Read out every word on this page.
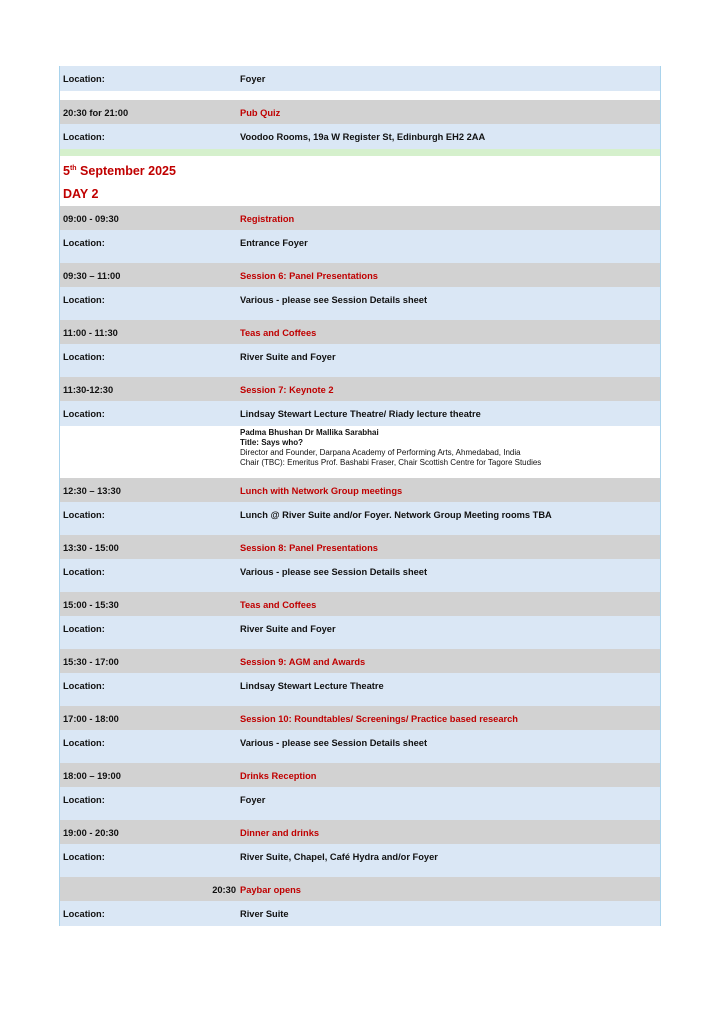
Location:	Foyer
20:30 for 21:00	Pub Quiz
Location:	Voodoo Rooms, 19a W Register St, Edinburgh EH2 2AA
5th September 2025
DAY 2
09:00 - 09:30	Registration
Location:	Entrance Foyer
09:30 – 11:00	Session 6: Panel Presentations
Location:	Various - please see Session Details sheet
11:00 - 11:30	Teas and Coffees
Location:	River Suite and Foyer
11:30-12:30	Session 7: Keynote 2
Location:	Lindsay Stewart Lecture Theatre/ Riady lecture theatre
Padma Bhushan Dr Mallika Sarabhai
Title: Says who?
Director and Founder, Darpana Academy of Performing Arts, Ahmedabad, India
Chair (TBC): Emeritus Prof. Bashabi Fraser, Chair Scottish Centre for Tagore Studies
12:30 – 13:30	Lunch with Network Group meetings
Location:	Lunch @ River Suite and/or Foyer. Network Group Meeting rooms TBA
13:30 - 15:00	Session 8: Panel Presentations
Location:	Various - please see Session Details sheet
15:00 - 15:30	Teas and Coffees
Location:	River Suite and Foyer
15:30 - 17:00	Session 9: AGM and Awards
Location:	Lindsay Stewart Lecture Theatre
17:00 - 18:00	Session 10: Roundtables/ Screenings/ Practice based research
Location:	Various - please see Session Details sheet
18:00 – 19:00	Drinks Reception
Location:	Foyer
19:00 - 20:30	Dinner and drinks
Location:	River Suite, Chapel, Café Hydra and/or Foyer
20:30 Paybar opens
Location:	River Suite
